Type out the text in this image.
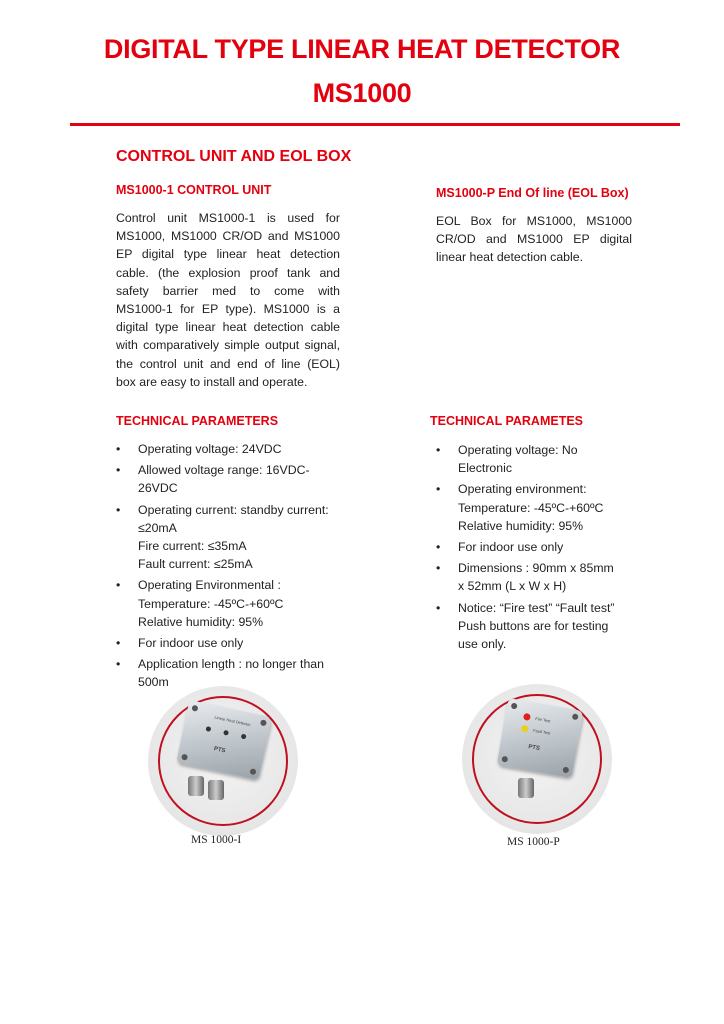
DIGITAL TYPE LINEAR HEAT DETECTOR
MS1000
CONTROL UNIT AND EOL BOX
MS1000-1 CONTROL UNIT
Control unit MS1000-1 is used for MS1000, MS1000 CR/OD and MS1000 EP digital type linear heat detection cable. (the explosion proof tank and safety barrier med to come with MS1000-1 for EP type). MS1000 is a digital type linear heat detection cable with comparatively simple output signal, the control unit and end of line (EOL) box are easy to install and operate.
TECHNICAL PARAMETERS
• Operating voltage: 24VDC
• Allowed voltage range: 16VDC-
26VDC
• Operating current: standby current:
≤20mA
Fire current: ≤35mA
Fault current: ≤25mA
• Operating Environmental :
Temperature: -45ºC-+60ºC
Relative humidity: 95%
• For indoor use only
• Application length : no longer than
500m
Linear Heat Detector
PTS
MS 1000-I
MS1000-P End Of line (EOL Box)
EOL Box for MS1000, MS1000 CR/OD and MS1000 EP digital linear heat detection cable.
TECHNICAL PARAMETES
• Operating voltage: No
Electronic
• Operating environment:
Temperature: -45ºC-+60ºC
Relative humidity: 95%
• For indoor use only
• Dimensions : 90mm x 85mm
x 52mm (L x W x H)
• Notice: “Fire test” “Fault test”
Push buttons are for testing
use only.
Fire Test
Fault Test
PTS
MS 1000-P
